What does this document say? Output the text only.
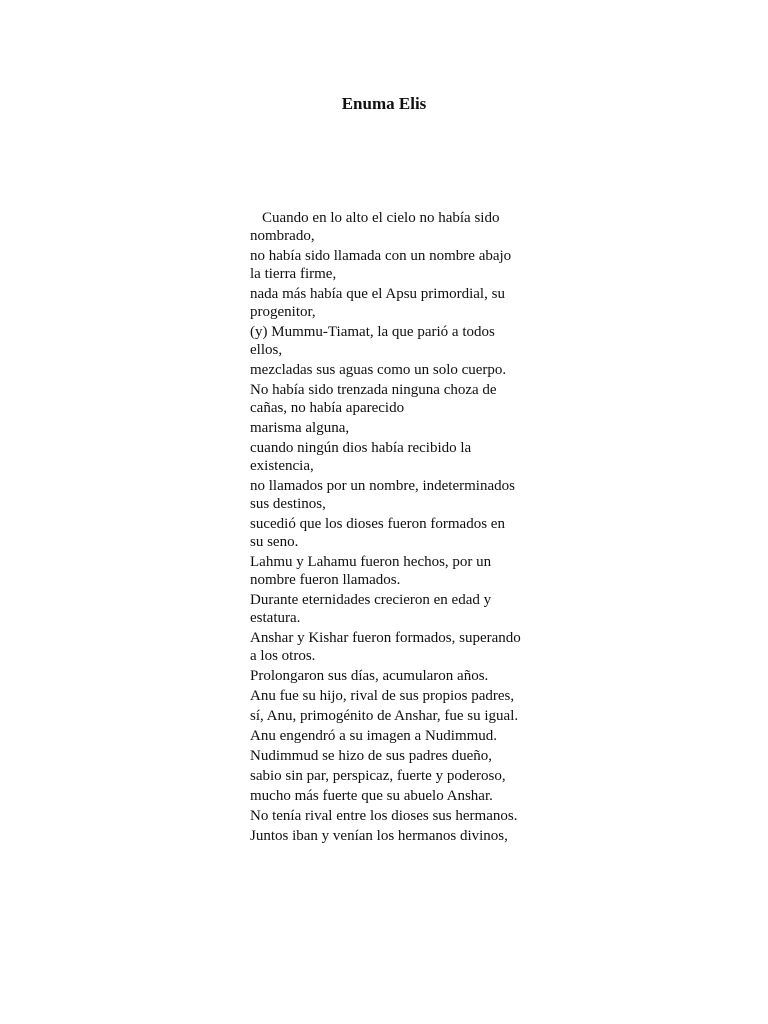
Enuma Elis
Cuando en lo alto el cielo no había sido nombrado,
no había sido llamada con un nombre abajo la tierra firme,
nada más había que el Apsu primordial, su progenitor,
(y) Mummu-Tiamat, la que parió a todos ellos,
mezcladas sus aguas como un solo cuerpo.
No había sido trenzada ninguna choza de cañas, no había aparecido
marisma alguna,
cuando ningún dios había recibido la existencia,
no llamados por un nombre, indeterminados sus destinos,
sucedió que los dioses fueron formados en su seno.
Lahmu y Lahamu fueron hechos, por un nombre fueron llamados.
Durante eternidades crecieron en edad y estatura.
Anshar y Kishar fueron formados, superando a los otros.
Prolongaron sus días, acumularon años.
Anu fue su hijo, rival de sus propios padres,
sí, Anu, primogénito de Anshar, fue su igual.
Anu engendró a su imagen a Nudimmud.
Nudimmud se hizo de sus padres dueño,
sabio sin par, perspicaz, fuerte y poderoso,
mucho más fuerte que su abuelo Anshar.
No tenía rival entre los dioses sus hermanos.
Juntos iban y venían los hermanos divinos,
